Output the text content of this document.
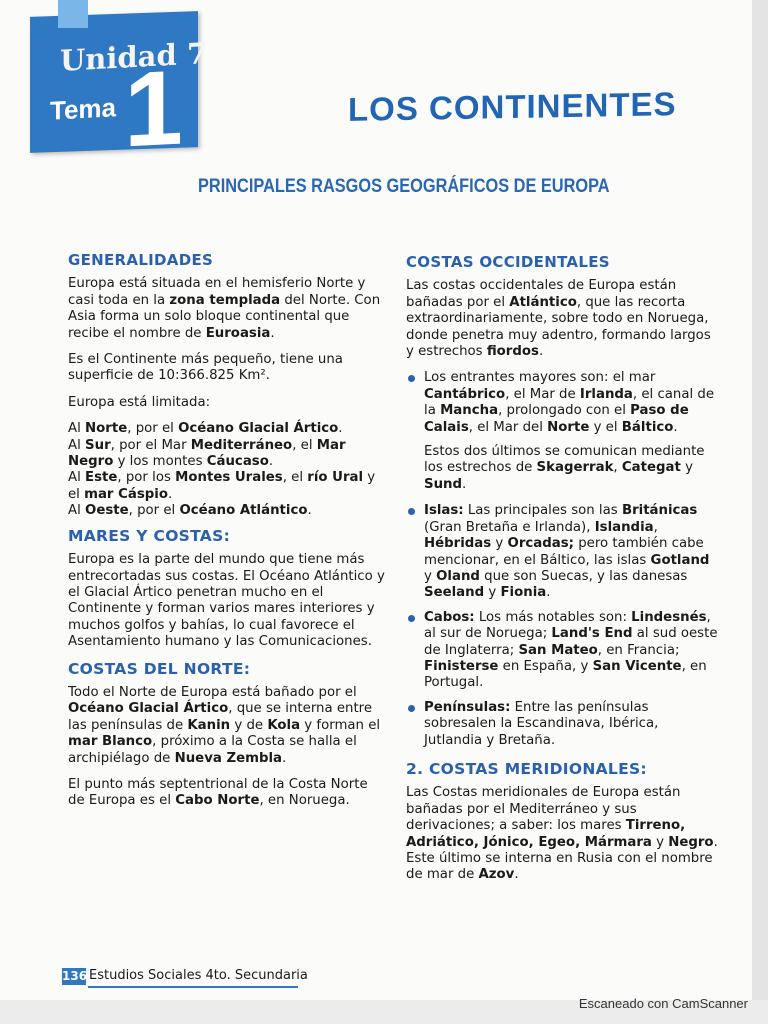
Unidad 7
Tema 1	LOS CONTINENTES
PRINCIPALES RASGOS GEOGRÁFICOS DE EUROPA
GENERALIDADES

Europa está situada en el hemisferio Norte y casi toda en la zona templada del Norte. Con Asia forma un solo bloque continental que recibe el nombre de Euroasia.

Es el Continente más pequeño, tiene una superficie de 10:366.825 Km².

Europa está limitada:

Al Norte, por el Océano Glacial Ártico.
Al Sur, por el Mar Mediterráneo, el Mar Negro y los montes Cáucaso.
Al Este, por los Montes Urales, el río Ural y el mar Cáspio.
Al Oeste, por el Océano Atlántico.

MARES Y COSTAS:

Europa es la parte del mundo que tiene más entrecortadas sus costas. El Océano Atlántico y el Glacial Ártico penetran mucho en el Continente y forman varios mares interiores y muchos golfos y bahías, lo cual favorece el Asentamiento humano y las Comunicaciones.

COSTAS DEL NORTE:

Todo el Norte de Europa está bañado por el Océano Glacial Ártico, que se interna entre las penínsulas de Kanin y de Kola y forman el mar Blanco, próximo a la Costa se halla el archipiélago de Nueva Zembla.

El punto más septentrional de la Costa Norte de Europa es el Cabo Norte, en Noruega.

COSTAS OCCIDENTALES

Las costas occidentales de Europa están bañadas por el Atlántico, que las recorta extraordinariamente, sobre todo en Noruega, donde penetra muy adentro, formando largos y estrechos fiordos.

Los entrantes mayores son: el mar Cantábrico, el Mar de Irlanda, el canal de la Mancha, prolongado con el Paso de Calais, el Mar del Norte y el Báltico.

Estos dos últimos se comunican mediante los estrechos de Skagerrak, Categat y Sund.

Islas: Las principales son las Británicas (Gran Bretaña e Irlanda), Islandia, Hébridas y Orcadas; pero también cabe mencionar, en el Báltico, las islas Gotland y Oland que son Suecas, y las danesas Seeland y Fionia.
Cabos: Los más notables son: Lindesnés, al sur de Noruega; Land's End al sud oeste de Inglaterra; San Mateo, en Francia; Finisterse en España, y San Vicente, en Portugal.
Penínsulas: Entre las penínsulas sobresalen la Escandinava, Ibérica, Jutlandia y Bretaña.
2. COSTAS MERIDIONALES:

Las Costas meridionales de Europa están bañadas por el Mediterráneo y sus derivaciones; a saber: los mares Tirreno, Adriático, Jónico, Egeo, Mármara y Negro. Este último se interna en Rusia con el nombre de mar de Azov.

136 Estudios Sociales 4to. Secundaria
Escaneado con CamScanner
